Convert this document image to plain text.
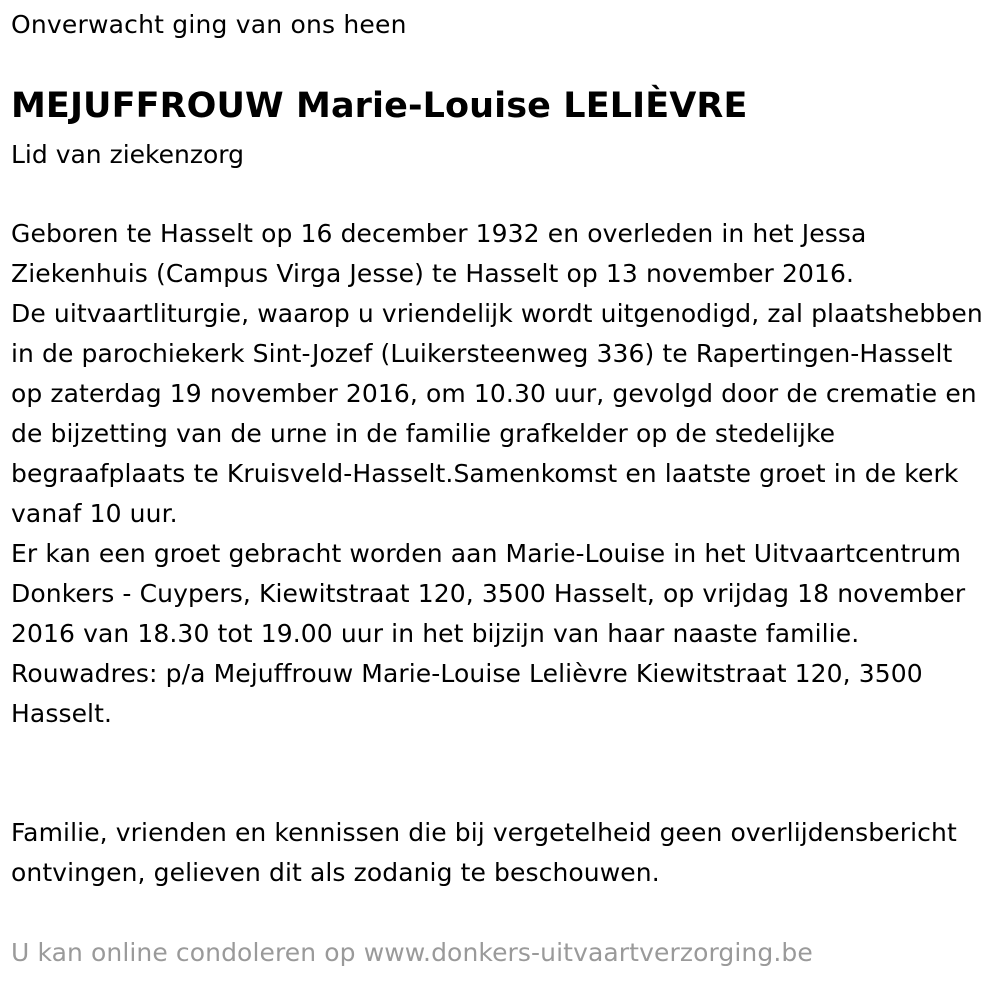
Onverwacht ging van ons heen
MEJUFFROUW Marie-Louise LELIÈVRE
Lid van ziekenzorg

Geboren te Hasselt op 16 december 1932 en overleden in het Jessa Ziekenhuis (Campus Virga Jesse) te Hasselt op 13 november 2016.

De uitvaartliturgie, waarop u vriendelijk wordt uitgenodigd, zal plaatshebben in de parochiekerk Sint-Jozef (Luikersteenweg 336) te Rapertingen-Hasselt op zaterdag 19 november 2016, om 10.30 uur, gevolgd door de crematie en de bijzetting van de urne in de familie grafkelder op de stedelijke begraafplaats te Kruisveld-Hasselt.Samenkomst en laatste groet in de kerk vanaf 10 uur.

Er kan een groet gebracht worden aan Marie-Louise in het Uitvaartcentrum Donkers - Cuypers, Kiewitstraat 120, 3500 Hasselt, op vrijdag 18 november 2016 van 18.30 tot 19.00 uur in het bijzijn van haar naaste familie.

Rouwadres: p/a Mejuffrouw Marie-Louise Lelièvre Kiewitstraat 120, 3500 Hasselt.

Familie, vrienden en kennissen die bij vergetelheid geen overlijdensbericht ontvingen, gelieven dit als zodanig te beschouwen.

U kan online condoleren op www.donkers-uitvaartverzorging.be
